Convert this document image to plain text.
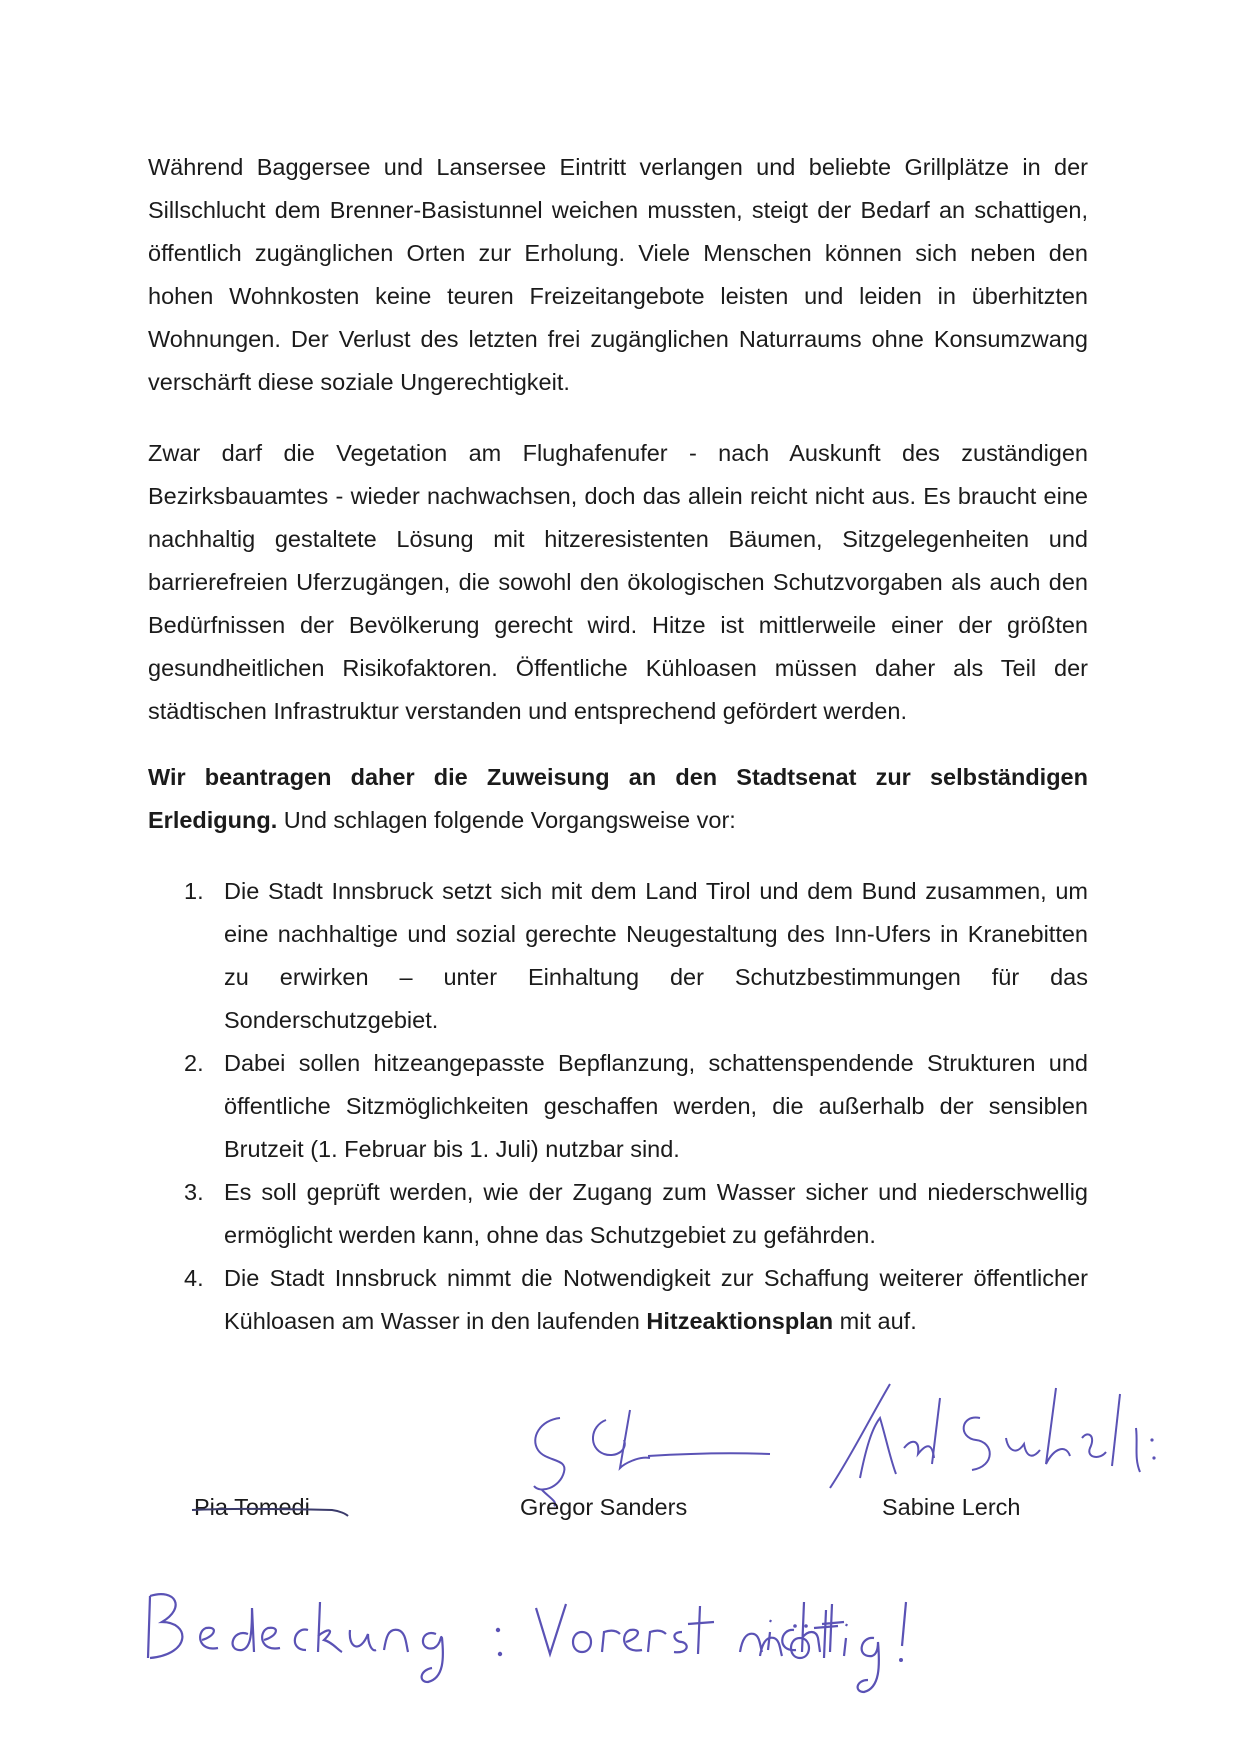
Während Baggersee und Lansersee Eintritt verlangen und beliebte Grillplätze in der Sillschlucht dem Brenner-Basistunnel weichen mussten, steigt der Bedarf an schattigen, öffentlich zugänglichen Orten zur Erholung. Viele Menschen können sich neben den hohen Wohnkosten keine teuren Freizeitangebote leisten und leiden in überhitzten Wohnungen. Der Verlust des letzten frei zugänglichen Naturraums ohne Konsumzwang verschärft diese soziale Ungerechtigkeit.

Zwar darf die Vegetation am Flughafenufer - nach Auskunft des zuständigen Bezirksbauamtes - wieder nachwachsen, doch das allein reicht nicht aus. Es braucht eine nachhaltig gestaltete Lösung mit hitzeresistenten Bäumen, Sitzgelegenheiten und barrierefreien Uferzugängen, die sowohl den ökologischen Schutzvorgaben als auch den Bedürfnissen der Bevölkerung gerecht wird. Hitze ist mittlerweile einer der größten gesundheitlichen Risikofaktoren. Öffentliche Kühloasen müssen daher als Teil der städtischen Infrastruktur verstanden und entsprechend gefördert werden.

Wir beantragen daher die Zuweisung an den Stadtsenat zur selbständigen Erledigung. Und schlagen folgende Vorgangsweise vor:

1. Die Stadt Innsbruck setzt sich mit dem Land Tirol und dem Bund zusammen, um eine nachhaltige und sozial gerechte Neugestaltung des Inn-Ufers in Kranebitten zu erwirken – unter Einhaltung der Schutzbestimmungen für das Sonderschutzgebiet.
2. Dabei sollen hitzeangepasste Bepflanzung, schattenspendende Strukturen und öffentliche Sitzmöglichkeiten geschaffen werden, die außerhalb der sensiblen Brutzeit (1. Februar bis 1. Juli) nutzbar sind.
3. Es soll geprüft werden, wie der Zugang zum Wasser sicher und niederschwellig ermöglicht werden kann, ohne das Schutzgebiet zu gefährden.
4. Die Stadt Innsbruck nimmt die Notwendigkeit zur Schaffung weiterer öffentlicher Kühloasen am Wasser in den laufenden Hitzeaktionsplan mit auf.
Pia Tomedi	Gregor Sanders	Sabine Lerch
